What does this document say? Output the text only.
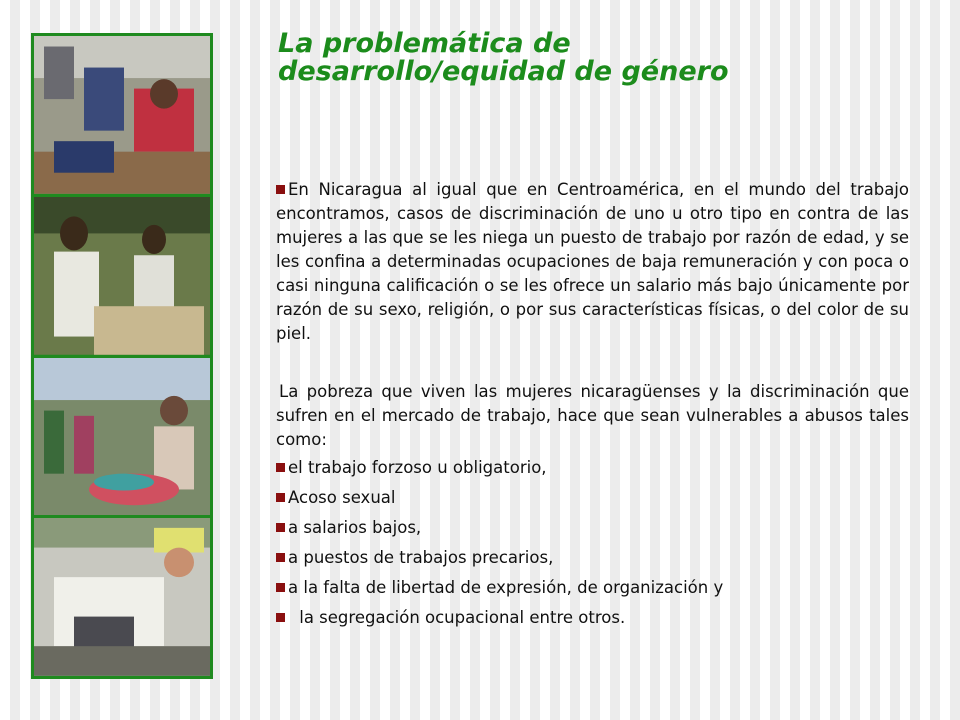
La problemática de
desarrollo/equidad de género

En Nicaragua al igual que en Centroamérica, en el mundo del trabajo encontramos, casos de discriminación de uno u otro tipo en contra de las mujeres a las que se les niega un puesto de trabajo por razón de edad, y se les confina a determinadas ocupaciones de baja remuneración y con poca o casi ninguna calificación o se les ofrece un salario más bajo únicamente por razón de su sexo, religión, o por sus características físicas, o del color de su piel.

La pobreza que viven las mujeres nicaragüenses y la discriminación que sufren en el mercado de trabajo, hace que sean vulnerables a abusos tales como:

el trabajo forzoso u obligatorio,
Acoso sexual
a salarios bajos,
a puestos de trabajos precarios,
a la falta de libertad de expresión, de organización y
la segregación ocupacional entre otros.
